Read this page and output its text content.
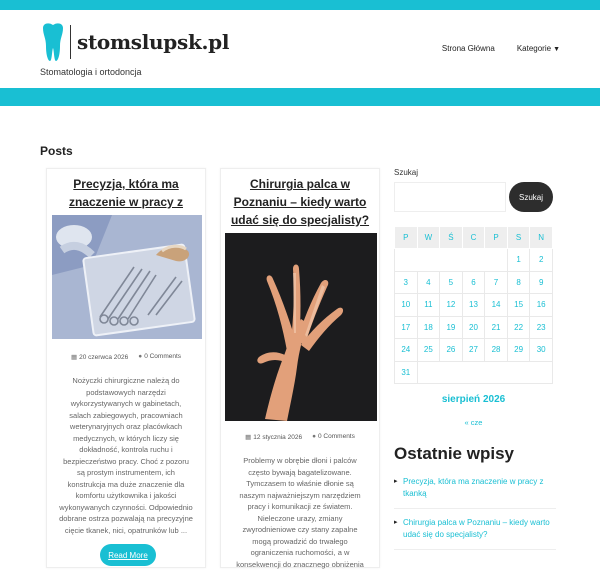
stomslupsk.pl
Stomatologia i ortodoncja
Strona Główna	Kategorie ▼
Posts
Precyzja, która ma znaczenie w pracy z
▦ 20 czerwca 2026 ● 0 Comments
Nożyczki chirurgiczne należą do podstawowych narzędzi wykorzystywanych w gabinetach, salach zabiegowych, pracowniach weterynaryjnych oraz placówkach medycznych, w których liczy się dokładność, kontrola ruchu i bezpieczeństwo pracy. Choć z pozoru są prostym instrumentem, ich konstrukcja ma duże znaczenie dla komfortu użytkownika i jakości wykonywanych czynności. Odpowiednio dobrane ostrza pozwalają na precyzyjne cięcie tkanek, nici, opatrunków lub ...
Read More
Chirurgia palca w Poznaniu – kiedy warto udać się do specjalisty?
▦ 12 stycznia 2026 ● 0 Comments
Problemy w obrębie dłoni i palców często bywają bagatelizowane. Tymczasem to właśnie dłonie są naszym najważniejszym narzędziem pracy i komunikacji ze światem. Nieleczone urazy, zmiany zwyrodnieniowe czy stany zapalne mogą prowadzić do trwałego ograniczenia ruchomości, a w konsekwencji do znacznego obniżenia
Szukaj
Szukaj
P	W	Ś	C	P	S	N
					1	2
3	4	5	6	7	8	9
10	11	12	13	14	15	16
17	18	19	20	21	22	23
24	25	26	27	28	29	30
31						
sierpień 2026
« cze
Ostatnie wpisy
▸ Precyzja, która ma znaczenie w pracy z tkanką
▸ Chirurgia palca w Poznaniu – kiedy warto udać się do specjalisty?
